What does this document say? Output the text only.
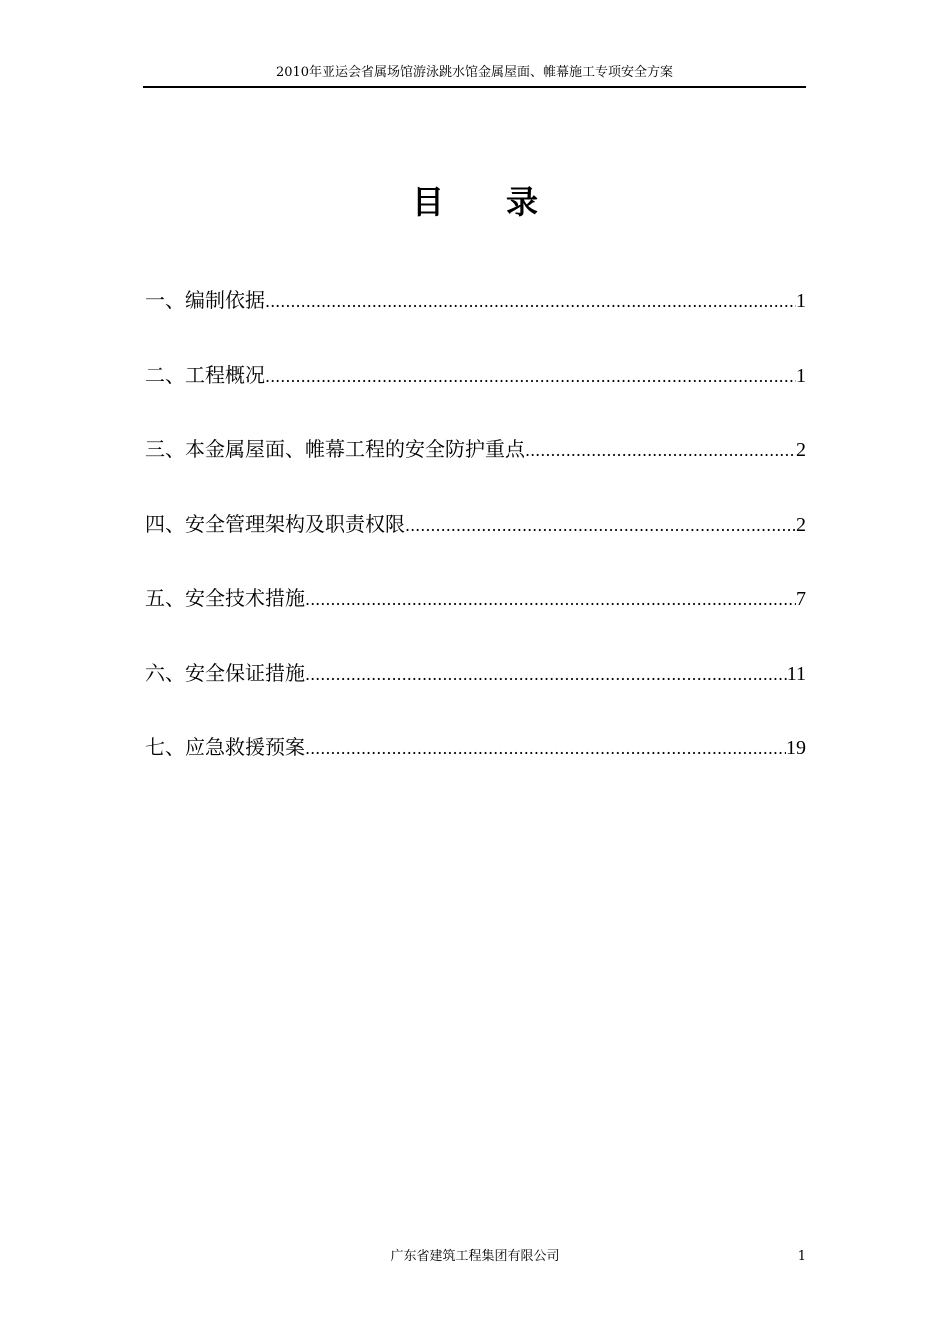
2010年亚运会省属场馆游泳跳水馆金属屋面、帷幕施工专项安全方案
目录
一、编制依据 .....	1
二、工程概况 .....	1
三、本金属屋面、帷幕工程的安全防护重点 .....	2
四、安全管理架构及职责权限 .....	2
五、安全技术措施 .....	7
六、安全保证措施 .....	11
七、应急救援预案 .....	19
广东省建筑工程集团有限公司	1
